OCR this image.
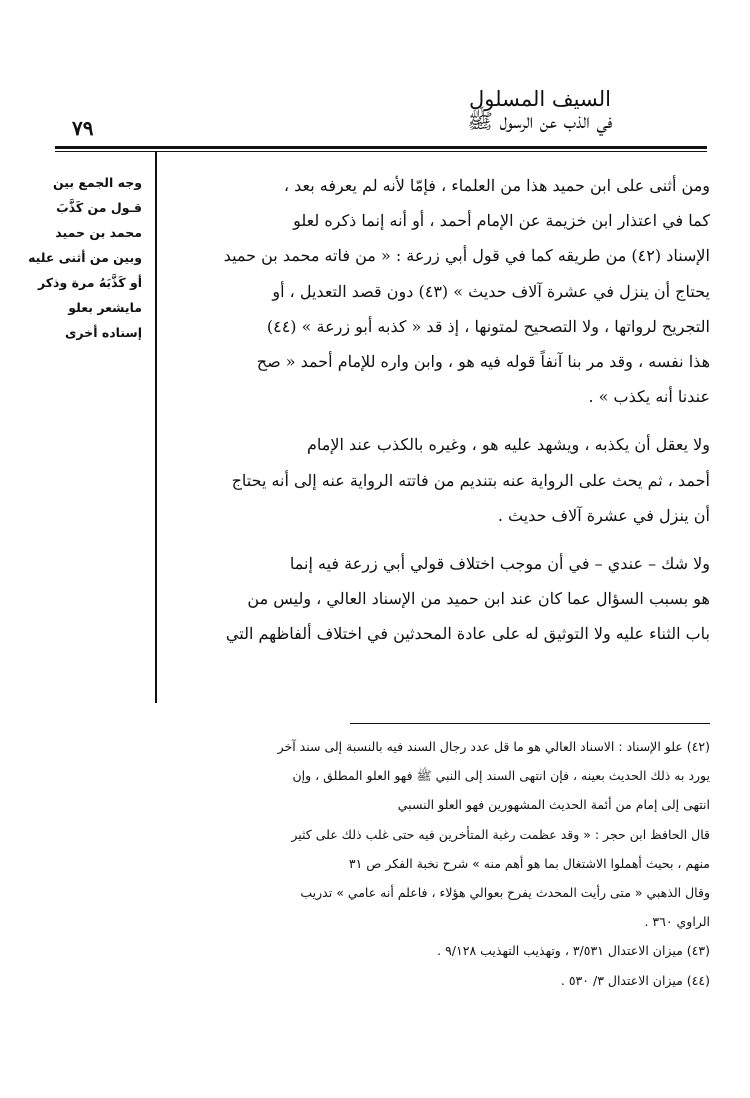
السيف المسلول
في الذب عن الرسول ﷺ
٧٩
وجه الجمع بين
قـول من كَذَّبَ
محمد بن حميد
وبين من أثنى عليه
أو كَذَّبَهُ مرة وذكر
مايشعر بعلو
إسناده أخرى

ومن أثنى على ابن حميد هذا من العلماء ، فإمّا لأنه لم يعرفه بعد ،
كما في اعتذار ابن خزيمة عن الإمام أحمد ، أو أنه إنما ذكره لعلو
الإسناد (٤٢) من طريقه كما في قول أبي زرعة : « من فاته محمد بن حميد
يحتاج أن ينزل في عشرة آلاف حديث » (٤٣) دون قصد التعديل ، أو
التجريح لرواتها ، ولا التصحيح لمتونها ، إذ قد « كذبه أبو زرعة » (٤٤)
هذا نفسه ، وقد مر بنا آنفاً قوله فيه هو ، وابن واره للإمام أحمد « صح
عندنا أنه يكذب » .

ولا يعقل أن يكذبه ، ويشهد عليه هو ، وغيره بالكذب عند الإمام
أحمد ، ثم يحث على الرواية عنه بتنديم من فاتته الرواية عنه إلى أنه يحتاج
أن ينزل في عشرة آلاف حديث .

ولا شك – عندي – في أن موجب اختلاف قولي أبي زرعة فيه إنما
هو بسبب السؤال عما كان عند ابن حميد من الإسناد العالي ، وليس من
باب الثناء عليه ولا التوثيق له على عادة المحدثين في اختلاف ألفاظهم التي

(٤٢) علو الإسناد : الاسناد العالي هو ما قل عدد رجال السند فيه بالنسبة إلى سند آخر
يورد به ذلك الحديث بعينه ، فإن انتهى السند إلى النبي ﷺ فهو العلو المطلق ، وإن
انتهى إلى إمام من أئمة الحديث المشهورين فهو العلو النسبي
قال الحافظ ابن حجر : « وقد عظمت رغبة المتأخرين فيه حتى غلب ذلك على كثير
منهم ، بحيث أهملوا الاشتغال بما هو أهم منه » شرح نخبة الفكر ص ٣١
وقال الذهبي « متى رأيت المحدث يفرح بعوالي هؤلاء ، فاعلم أنه عامي » تدريب
الراوي ٣٦٠ .
(٤٣) ميزان الاعتدال ٣/٥٣١ ، وتهذيب التهذيب ٩/١٢٨ .
(٤٤) ميزان الاعتدال ٣/ ٥٣٠ .
